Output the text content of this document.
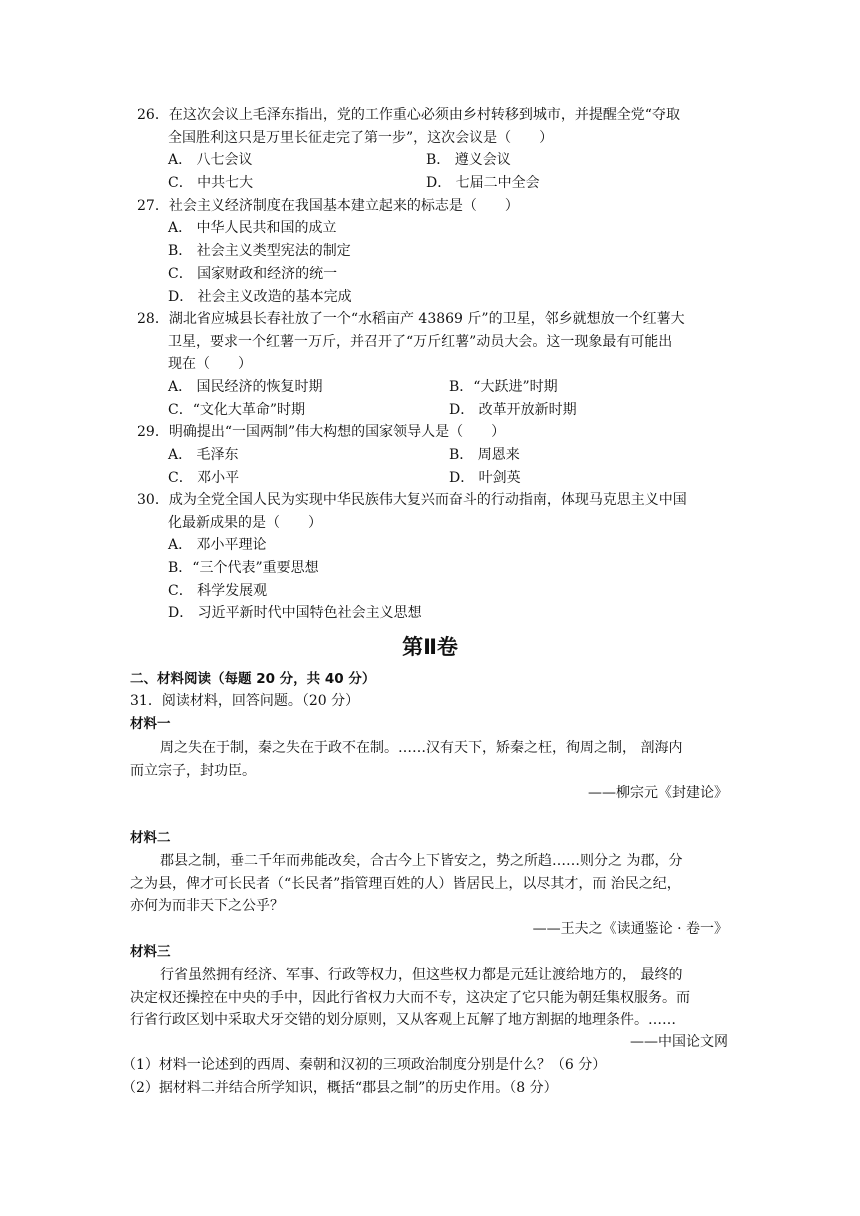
26．在这次会议上毛泽东指出，党的工作重心必须由乡村转移到城市，并提醒全党“夺取
全国胜利这只是万里长征走完了第一步”，这次会议是（　　）
A． 八七会议	B． 遵义会议
C． 中共七大	D． 七届二中全会
27．社会主义经济制度在我国基本建立起来的标志是（　　）
A． 中华人民共和国的成立
B． 社会主义类型宪法的制定
C． 国家财政和经济的统一
D． 社会主义改造的基本完成
28．湖北省应城县长春社放了一个“水稻亩产 43869 斤”的卫星，邻乡就想放一个红薯大
卫星，要求一个红薯一万斤，并召开了“万斤红薯”动员大会。这一现象最有可能出
现在（　　）
A． 国民经济的恢复时期	B．“大跃进”时期
C．“文化大革命”时期	D． 改革开放新时期
29．明确提出“一国两制”伟大构想的国家领导人是（　　）
A． 毛泽东	B． 周恩来
C． 邓小平	D． 叶剑英
30．成为全党全国人民为实现中华民族伟大复兴而奋斗的行动指南，体现马克思主义中国
化最新成果的是（　　）
A． 邓小平理论
B．“三个代表”重要思想
C． 科学发展观
D． 习近平新时代中国特色社会主义思想
第Ⅱ卷
二、材料阅读（每题 20 分，共 40 分）
31．阅读材料，回答问题。（20 分）
材料一
周之失在于制，秦之失在于政不在制。……汉有天下，矫秦之枉，徇周之制， 剖海内
而立宗子，封功臣。
——柳宗元《封建论》
材料二
郡县之制，垂二千年而弗能改矣，合古今上下皆安之，势之所趋……则分之 为郡，分
之为县，俾才可长民者（“长民者”指管理百姓的人）皆居民上，以尽其才，而 治民之纪，
亦何为而非天下之公乎？
——王夫之《读通鉴论 · 卷一》
材料三
行省虽然拥有经济、军事、行政等权力，但这些权力都是元廷让渡给地方的， 最终的
决定权还操控在中央的手中，因此行省权力大而不专，这决定了它只能为朝廷集权服务。而
行省行政区划中采取犬牙交错的划分原则，又从客观上瓦解了地方割据的地理条件。……
——中国论文网
（1）材料一论述到的西周、秦朝和汉初的三项政治制度分别是什么？（6 分）
（2）据材料二并结合所学知识，概括“郡县之制”的历史作用。（8 分）
